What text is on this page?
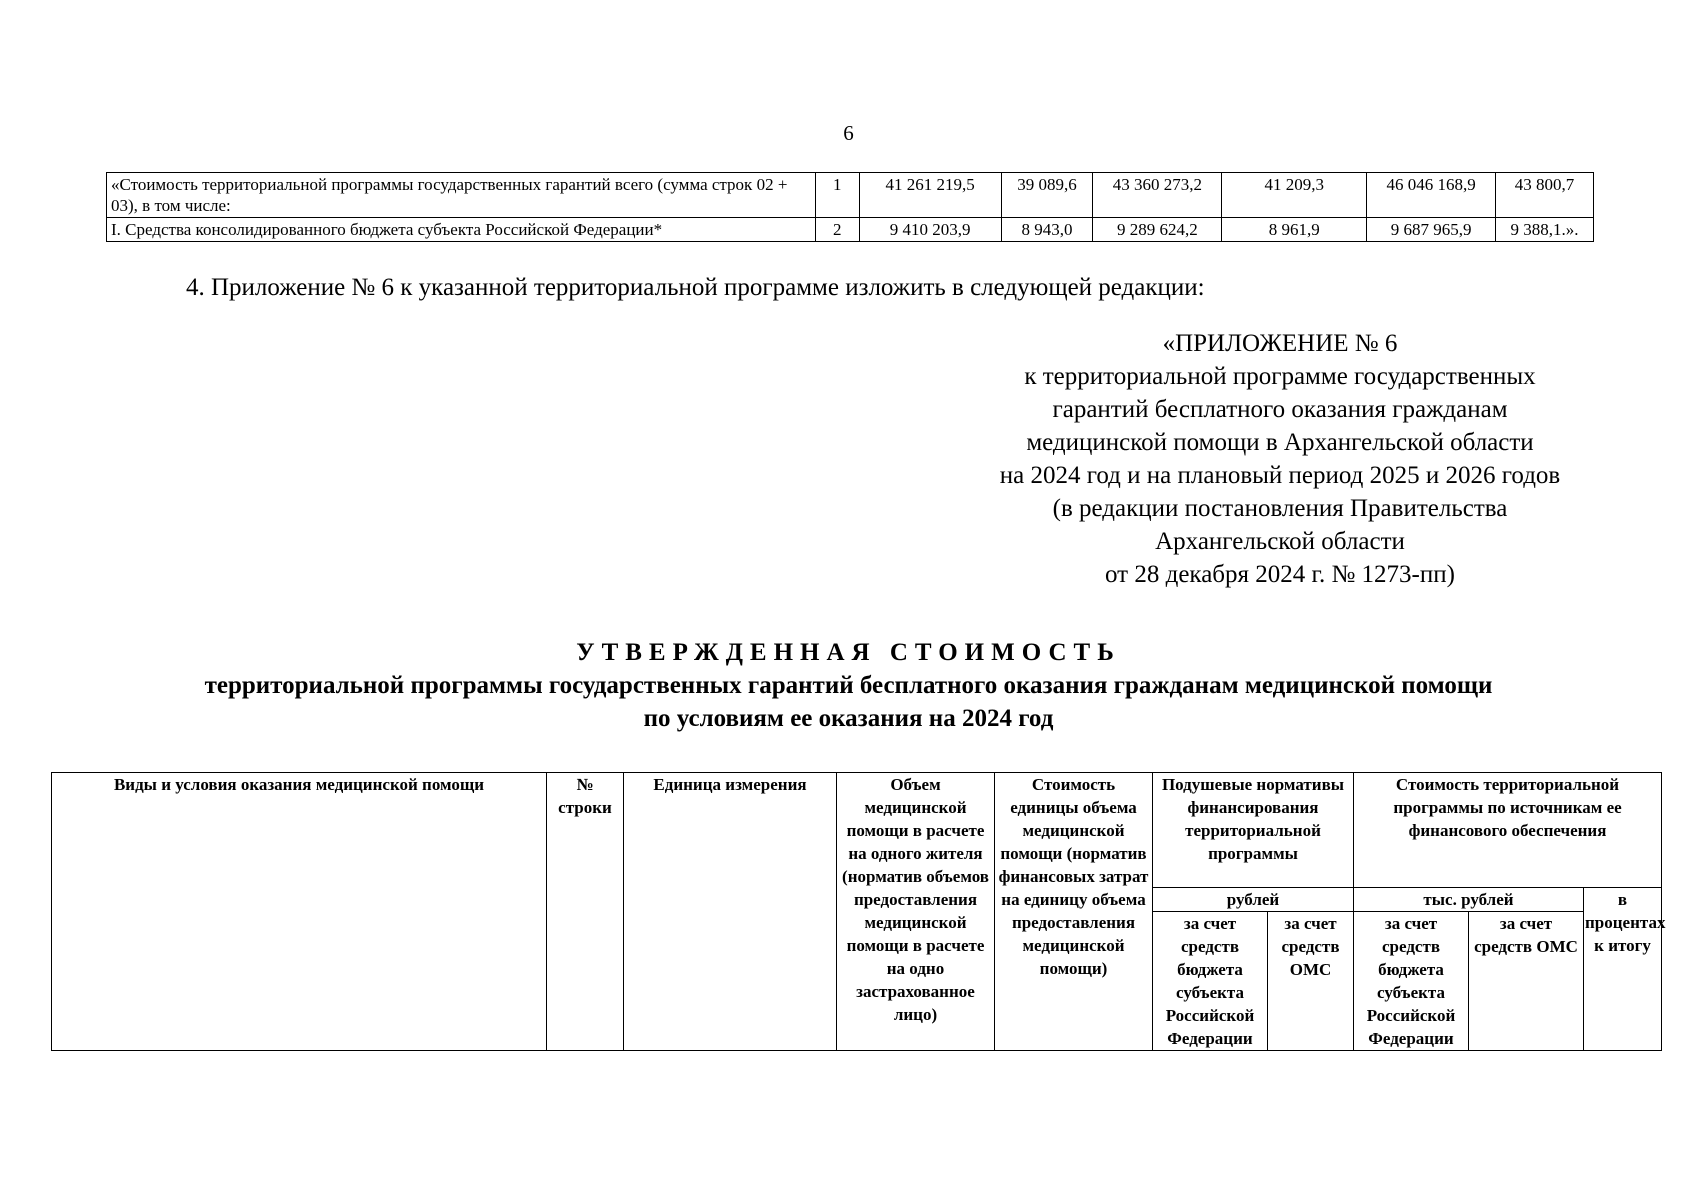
6
«Стоимость территориальной программы государственных гарантий всего (сумма строк 02 + 03), в том числе:	1	41 261 219,5	39 089,6	43 360 273,2	41 209,3	46 046 168,9	43 800,7
I. Средства консолидированного бюджета субъекта Российской Федерации*	2	9 410 203,9	8 943,0	9 289 624,2	8 961,9	9 687 965,9	9 388,1.».
4. Приложение № 6 к указанной территориальной программе изложить в следующей редакции:
«ПРИЛОЖЕНИЕ № 6
к территориальной программе государственных
гарантий бесплатного оказания гражданам
медицинской помощи в Архангельской области
на 2024 год и на плановый период 2025 и 2026 годов
(в редакции постановления Правительства
Архангельской области
от 28 декабря 2024 г. № 1273-пп)
УТВЕРЖДЕННАЯ СТОИМОСТЬ
территориальной программы государственных гарантий бесплатного оказания гражданам медицинской помощи
по условиям ее оказания на 2024 год
Виды и условия оказания медицинской помощи	№ строки	Единица измерения	Объем медицинской помощи в расчете на одного жителя (норматив объемов предоставления медицинской помощи в расчете на одно застрахованное лицо)	Стоимость единицы объема медицинской помощи (норматив финансовых затрат на единицу объема предоставления медицинской помощи)	Подушевые нормативы финансирования территориальной программы		Стоимость территориальной программы по источникам ее финансового обеспечения		
					рублей		тыс. рублей		в процентах к итогу
					за счет средств бюджета субъекта Российской Федерации	за счет средств ОМС	за счет средств бюджета субъекта Российской Федерации	за счет средств ОМС	
